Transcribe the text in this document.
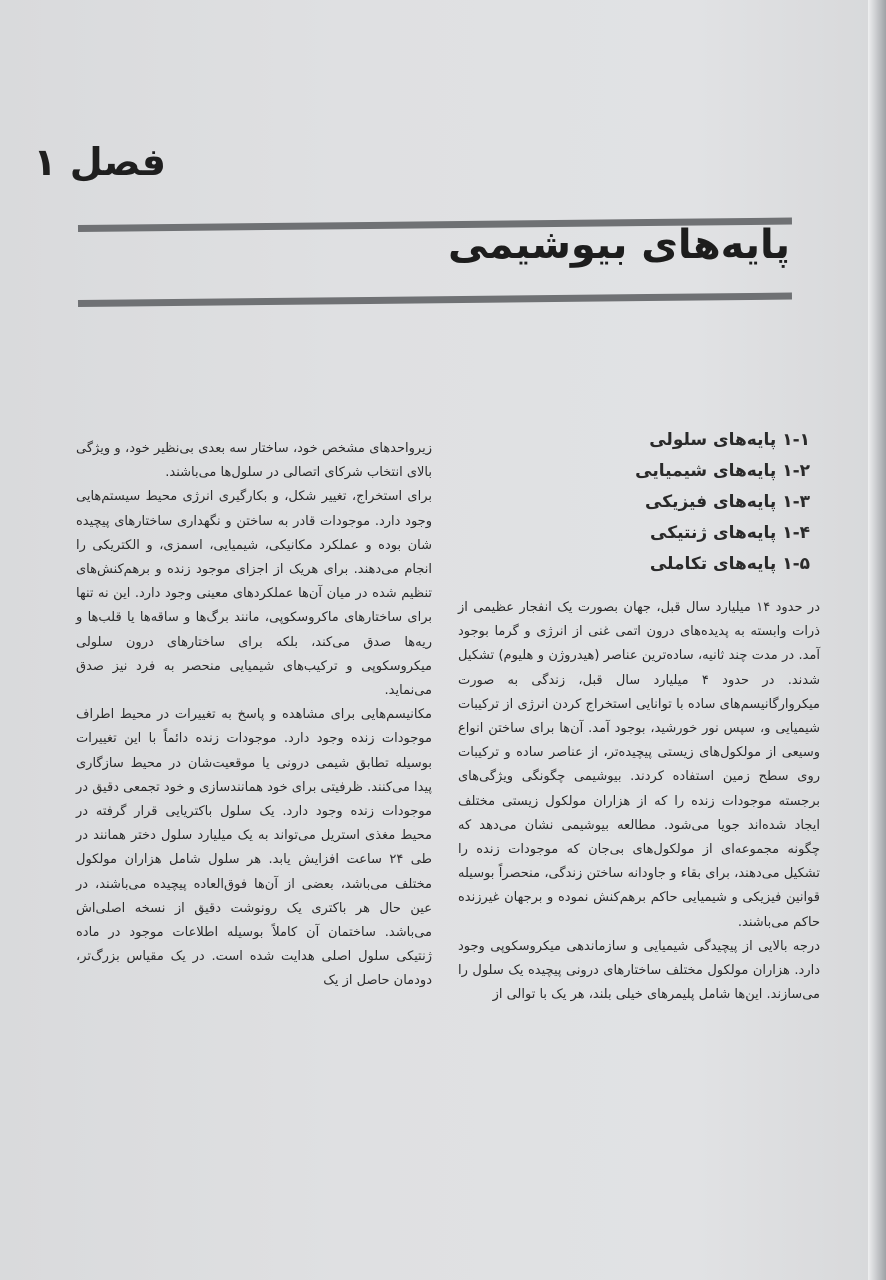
فصل ۱
پایه‌های بیوشیمی
۱-۱ پایه‌های سلولی
۱-۲ پایه‌های شیمیایی
۱-۳ پایه‌های فیزیکی
۱-۴ پایه‌های ژنتیکی
۱-۵ پایه‌های تکاملی

در حدود ۱۴ میلیارد سال قبل، جهان بصورت یک انفجار عظیمی از ذرات وابسته به پدیده‌های درون اتمی غنی از انرژی و گرما بوجود آمد. در مدت چند ثانیه، ساده‌ترین عناصر (هیدروژن و هلیوم) تشکیل شدند. در حدود ۴ میلیارد سال قبل، زندگی به صورت میکروارگانیسم‌های ساده با توانایی استخراج کردن انرژی از ترکیبات شیمیایی و، سپس نور خورشید، بوجود آمد. آن‌ها برای ساختن انواع وسیعی از مولکول‌های زیستی پیچیده‌تر، از عناصر ساده و ترکیبات روی سطح زمین استفاده کردند. بیوشیمی چگونگی ویژگی‌های برجسته موجودات زنده را که از هزاران مولکول زیستی مختلف ایجاد شده‌اند جویا می‌شود. مطالعه بیوشیمی نشان می‌دهد که چگونه مجموعه‌ای از مولکول‌های بی‌جان که موجودات زنده را تشکیل می‌دهند، برای بقاء و جاودانه ساختن زندگی، منحصراً بوسیله قوانین فیزیکی و شیمیایی حاکم برهم‌کنش نموده و برجهان غیرزنده حاکم می‌باشند.

درجه بالایی از پیچیدگی شیمیایی و سازماندهی میکروسکوپی وجود دارد. هزاران مولکول مختلف ساختارهای درونی پیچیده یک سلول را می‌سازند. این‌ها شامل پلیمرهای خیلی بلند، هر یک با توالی از

زیرواحدهای مشخص خود، ساختار سه بعدی بی‌نظیر خود، و ویژگی بالای انتخاب شرکای اتصالی در سلول‌ها می‌باشند.

برای استخراج، تغییر شکل، و بکارگیری انرژی محیط سیستم‌هایی وجود دارد. موجودات قادر به ساختن و نگهداری ساختارهای پیچیده شان بوده و عملکرد مکانیکی، شیمیایی، اسمزی، و الکتریکی را انجام می‌دهند. برای هریک از اجزای موجود زنده و برهم‌کنش‌های تنظیم شده در میان آن‌ها عملکردهای معینی وجود دارد. این نه تنها برای ساختارهای ماکروسکوپی، مانند برگ‌ها و ساقه‌ها یا قلب‌ها و ریه‌ها صدق می‌کند، بلکه برای ساختارهای درون سلولی میکروسکوپی و ترکیب‌های شیمیایی منحصر به فرد نیز صدق می‌نماید.

مکانیسم‌هایی برای مشاهده و پاسخ به تغییرات در محیط اطراف موجودات زنده وجود دارد. موجودات زنده دائماً با این تغییرات بوسیله تطابق شیمی درونی یا موقعیت‌شان در محیط سازگاری پیدا می‌کنند. ظرفیتی برای خود همانندسازی و خود تجمعی دقیق در موجودات زنده وجود دارد. یک سلول باکتریایی قرار گرفته در محیط مغذی استریل می‌تواند به یک میلیارد سلول دختر همانند در طی ۲۴ ساعت افزایش یابد. هر سلول شامل هزاران مولکول مختلف می‌باشد، بعضی از آن‌ها فوق‌العاده پیچیده می‌باشند، در عین حال هر باکتری یک رونوشت دقیق از نسخه اصلی‌اش می‌باشد. ساختمان آن کاملاً بوسیله اطلاعات موجود در ماده ژنتیکی سلول اصلی هدایت شده است. در یک مقیاس بزرگ‌تر، دودمان حاصل از یک
